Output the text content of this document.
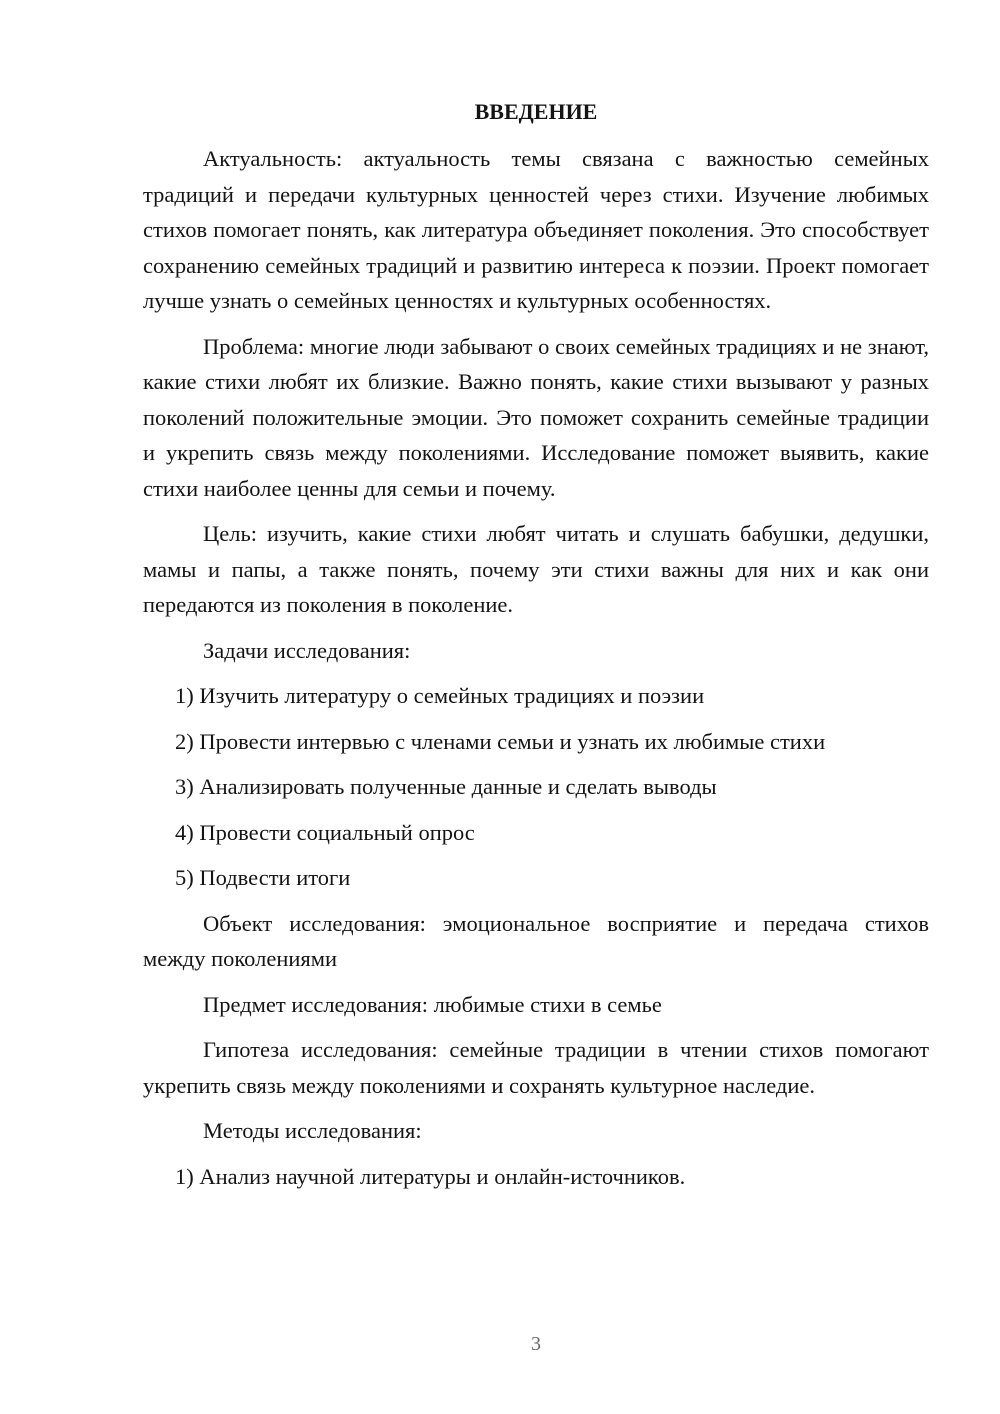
ВВЕДЕНИЕ

Актуальность: актуальность темы связана с важностью семейных традиций и передачи культурных ценностей через стихи. Изучение любимых стихов помогает понять, как литература объединяет поколения. Это способствует сохранению семейных традиций и развитию интереса к поэзии. Проект помогает лучше узнать о семейных ценностях и культурных особенностях.

Проблема: многие люди забывают о своих семейных традициях и не знают, какие стихи любят их близкие. Важно понять, какие стихи вызывают у разных поколений положительные эмоции. Это поможет сохранить семейные традиции и укрепить связь между поколениями. Исследование поможет выявить, какие стихи наиболее ценны для семьи и почему.

Цель: изучить, какие стихи любят читать и слушать бабушки, дедушки, мамы и папы, а также понять, почему эти стихи важны для них и как они передаются из поколения в поколение.

Задачи исследования:
1) Изучить литературу о семейных традициях и поэзии
2) Провести интервью с членами семьи и узнать их любимые стихи
3) Анализировать полученные данные и сделать выводы
4) Провести социальный опрос
5) Подвести итоги

Объект исследования: эмоциональное восприятие и передача стихов между поколениями

Предмет исследования: любимые стихи в семье

Гипотеза исследования: семейные традиции в чтении стихов помогают укрепить связь между поколениями и сохранять культурное наследие.

Методы исследования:
1) Анализ научной литературы и онлайн-источников.
3
